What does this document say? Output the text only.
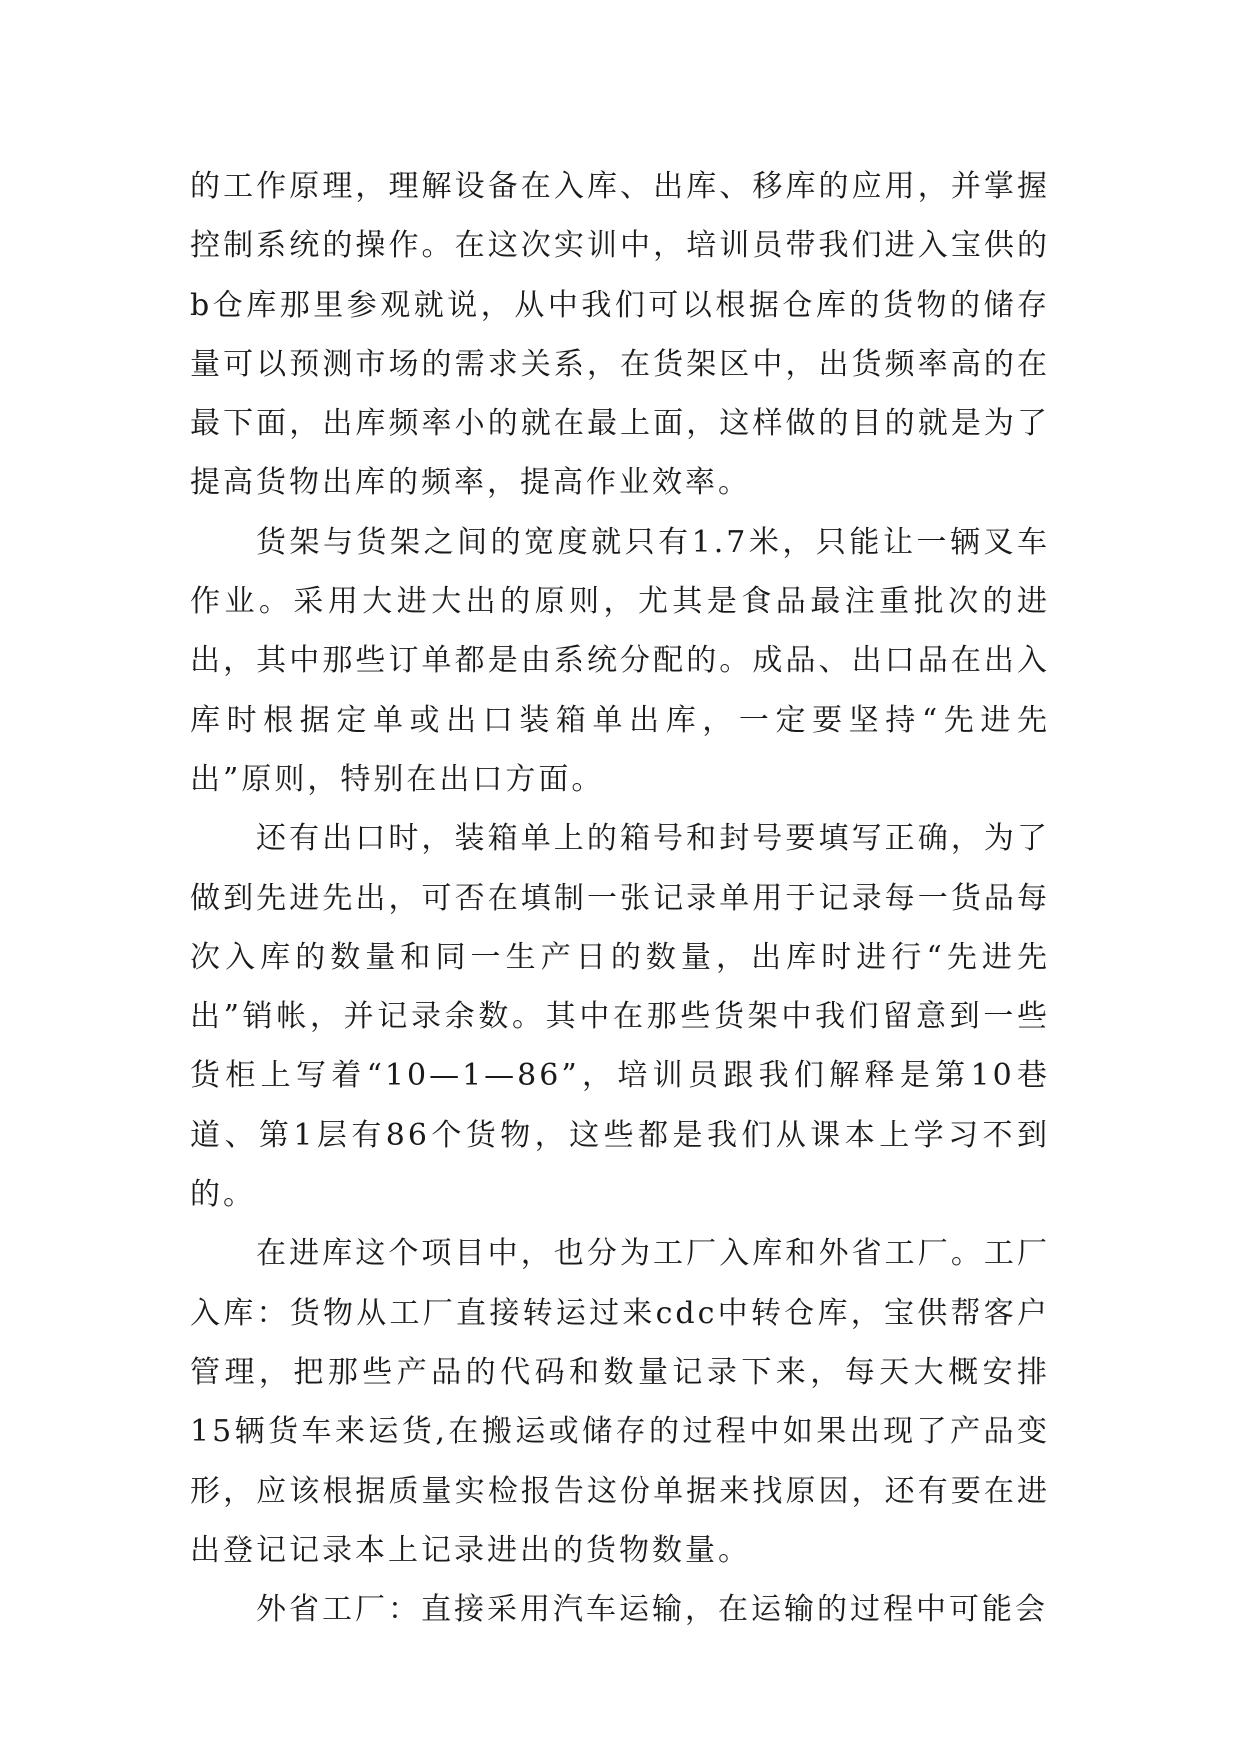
的工作原理，理解设备在入库、出库、移库的应用，并掌握控制系统的操作。在这次实训中，培训员带我们进入宝供的b仓库那里参观就说，从中我们可以根据仓库的货物的储存量可以预测市场的需求关系，在货架区中，出货频率高的在最下面，出库频率小的就在最上面，这样做的目的就是为了提高货物出库的频率，提高作业效率。

货架与货架之间的宽度就只有1.7米，只能让一辆叉车作业。采用大进大出的原则，尤其是食品最注重批次的进出，其中那些订单都是由系统分配的。成品、出口品在出入库时根据定单或出口装箱单出库，一定要坚持“先进先出”原则，特别在出口方面。

还有出口时，装箱单上的箱号和封号要填写正确，为了做到先进先出，可否在填制一张记录单用于记录每一货品每次入库的数量和同一生产日的数量，出库时进行“先进先出”销帐，并记录余数。其中在那些货架中我们留意到一些货柜上写着“10—1—86”，培训员跟我们解释是第10巷道、第1层有86个货物，这些都是我们从课本上学习不到的。

在进库这个项目中，也分为工厂入库和外省工厂。工厂入库：货物从工厂直接转运过来cdc中转仓库，宝供帮客户管理，把那些产品的代码和数量记录下来，每天大概安排15辆货车来运货,在搬运或储存的过程中如果出现了产品变形，应该根据质量实检报告这份单据来找原因，还有要在进出登记记录本上记录进出的货物数量。

外省工厂：直接采用汽车运输，在运输的过程中可能会
